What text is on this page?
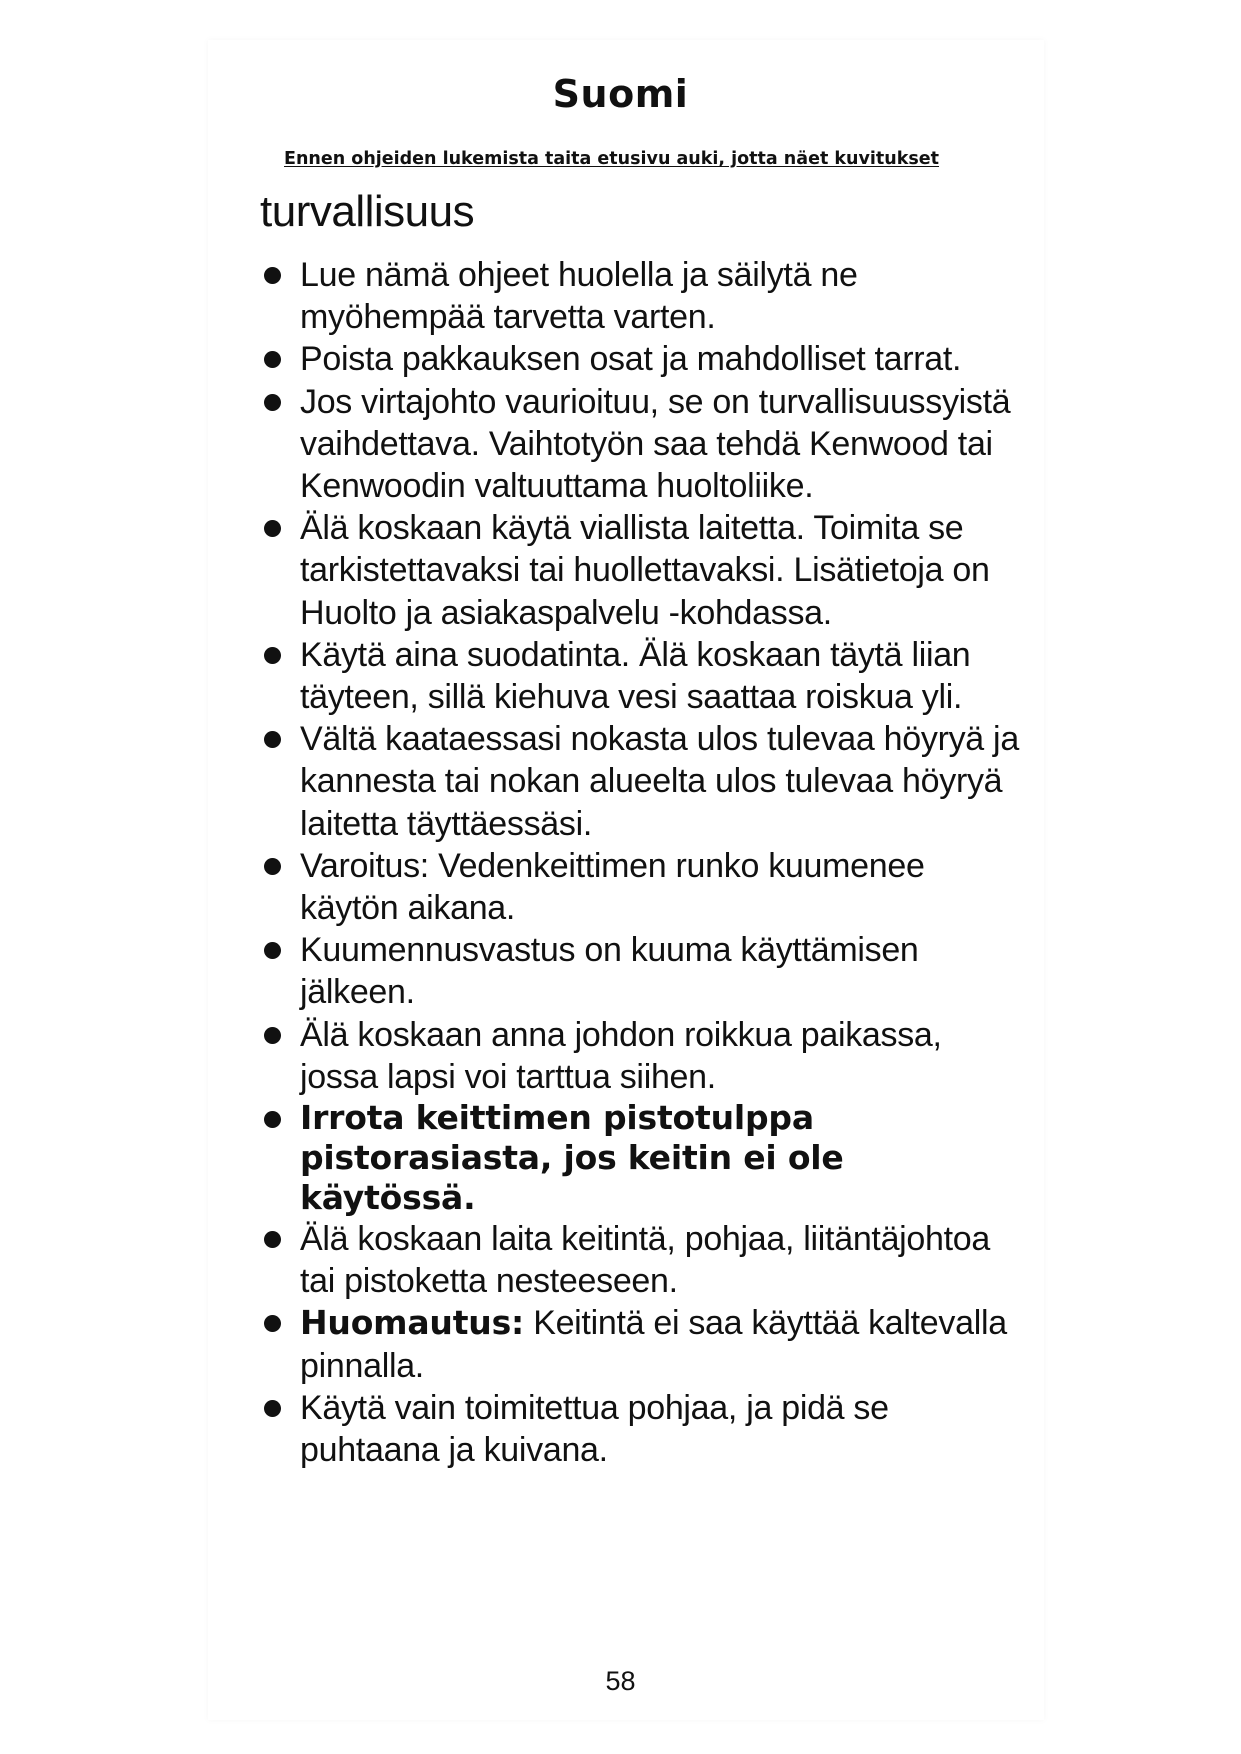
Suomi
Ennen ohjeiden lukemista taita etusivu auki, jotta näet kuvitukset
turvallisuus
Lue nämä ohjeet huolella ja säilytä ne myöhempää tarvetta varten.
Poista pakkauksen osat ja mahdolliset tarrat.
Jos virtajohto vaurioituu, se on turvallisuussyistä vaihdettava. Vaihtotyön saa tehdä Kenwood tai Kenwoodin valtuuttama huoltoliike.
Älä koskaan käytä viallista laitetta. Toimita se tarkistettavaksi tai huollettavaksi. Lisätietoja on Huolto ja asiakaspalvelu -kohdassa.
Käytä aina suodatinta. Älä koskaan täytä liian täyteen, sillä kiehuva vesi saattaa roiskua yli.
Vältä kaataessasi nokasta ulos tulevaa höyryä ja kannesta tai nokan alueelta ulos tulevaa höyryä laitetta täyttäessäsi.
Varoitus: Vedenkeittimen runko kuumenee käytön aikana.
Kuumennusvastus on kuuma käyttämisen jälkeen.
Älä koskaan anna johdon roikkua paikassa, jossa lapsi voi tarttua siihen.
Irrota keittimen pistotulppa pistorasiasta, jos keitin ei ole käytössä.
Älä koskaan laita keitintä, pohjaa, liitäntäjohtoa tai pistoketta nesteeseen.
Huomautus: Keitintä ei saa käyttää kaltevalla pinnalla.
Käytä vain toimitettua pohjaa, ja pidä se puhtaana ja kuivana.
58
